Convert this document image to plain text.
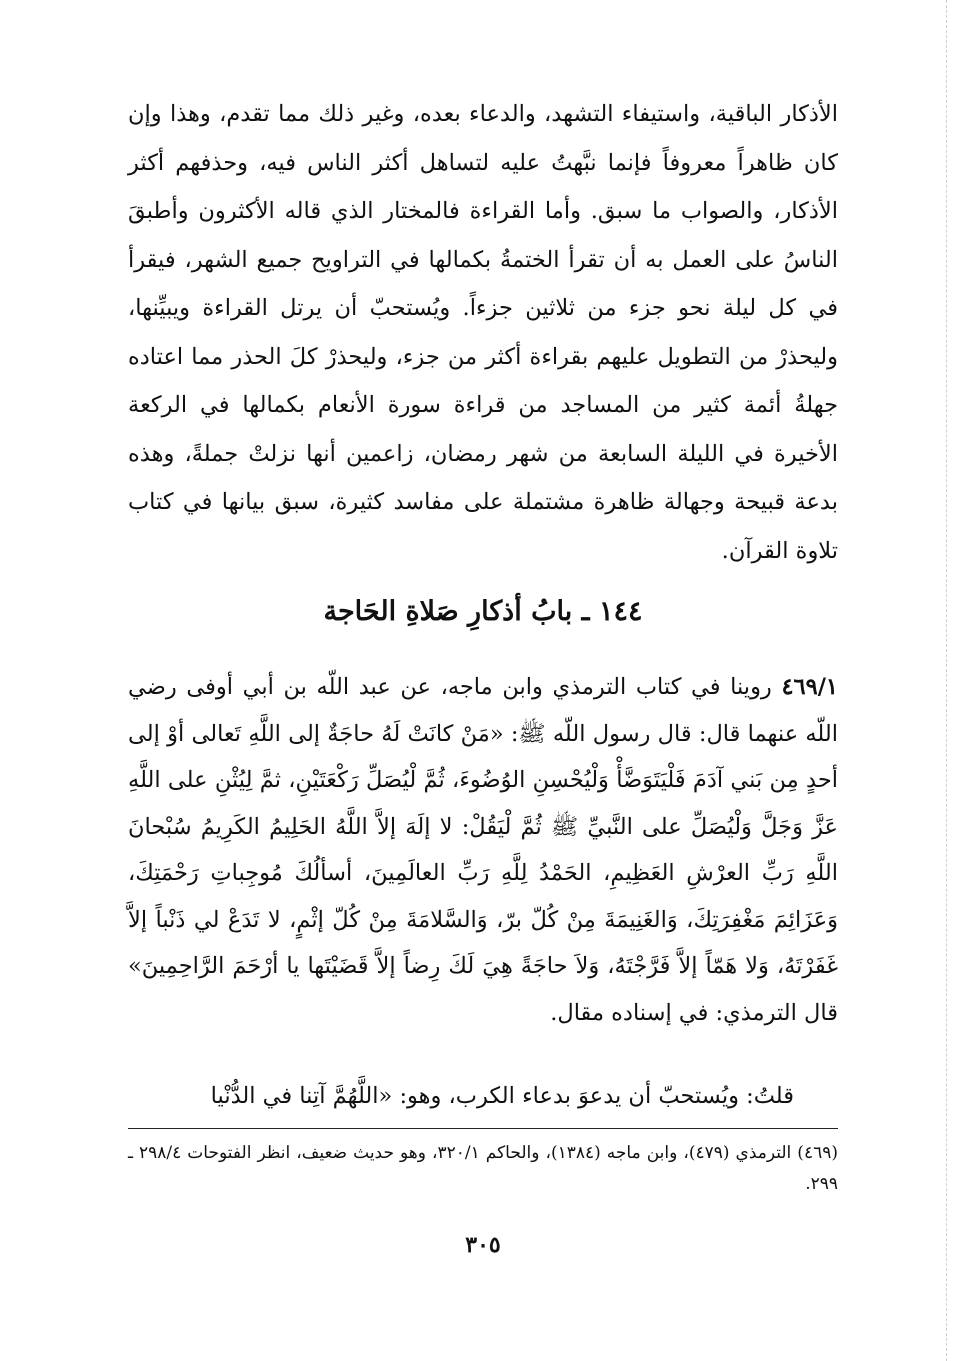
الأذكار الباقية، واستيفاء التشهد، والدعاء بعده، وغير ذلك مما تقدم، وهذا وإن كان ظاهراً معروفاً فإنما نبَّهتُ عليه لتساهل أكثر الناس فيه، وحذفهم أكثر الأذكار، والصواب ما سبق. وأما القراءة فالمختار الذي قاله الأكثرون وأطبقَ الناسُ على العمل به أن تقرأ الختمةُ بكمالها في التراويح جميع الشهر، فيقرأ في كل ليلة نحو جزء من ثلاثين جزءاً. ويُستحبّ أن يرتل القراءة ويبيِّنها، وليحذرْ من التطويل عليهم بقراءة أكثر من جزء، وليحذرْ كلَ الحذر مما اعتاده جهلةُ أئمة كثير من المساجد من قراءة سورة الأنعام بكمالها في الركعة الأخيرة في الليلة السابعة من شهر رمضان، زاعمين أنها نزلتْ جملةً، وهذه بدعة قبيحة وجهالة ظاهرة مشتملة على مفاسد كثيرة، سبق بيانها في كتاب تلاوة القرآن.
١٤٤ ـ بابُ أذكارِ صَلاةِ الحَاجة
٤٦٩/١ روينا في كتاب الترمذي وابن ماجه، عن عبد اللّه بن أبي أوفى رضي اللّه عنهما قال: قال رسول اللّه ﷺ: «مَنْ كانَتْ لَهُ حاجَةٌ إلى اللَّهِ تَعالى أوْ إلى أحدٍ مِن بَني آدَمَ فَلْيَتَوَضَّأْ وَلْيُحْسِنِ الوُضُوءَ، ثُمَّ لْيُصَلِّ رَكْعَتَيْنِ، ثمَّ لِيُثْنِ على اللَّهِ عَزَّ وَجَلَّ وَلْيُصَلِّ على النَّبيِّ ﷺ ثُمَّ لْيَقُلْ: لا إلَهَ إلاَّ اللَّهُ الحَلِيمُ الكَرِيمُ سُبْحانَ اللَّهِ رَبِّ العرْشِ العَظِيمِ، الحَمْدُ لِلَّهِ رَبِّ العالَمِينَ، أسألُكَ مُوجِباتِ رَحْمَتِكَ، وَعَزَائِمَ مَغْفِرَتِكَ، وَالغَنِيمَةَ مِنْ كُلّ برّ، وَالسَّلامَةَ مِنْ كُلّ إثْمٍ، لا تَدَعْ لي ذَنْباً إلاَّ غَفَرْتَهُ، وَلا هَمّاً إلاَّ فَرَّجْتَهُ، وَلاَ حاجَةً هِيَ لَكَ رِضاً إلاَّ قَضَيْتَها يا أرْحَمَ الرَّاحِمِينَ» قال الترمذي: في إسناده مقال.
قلتُ: ويُستحبّ أن يدعوَ بدعاء الكرب، وهو: «اللَّهُمَّ آتِنا في الدُّنْيا
(٤٦٩) الترمذي (٤٧٩)، وابن ماجه (١٣٨٤)، والحاكم ٣٢٠/١، وهو حديث ضعيف، انظر الفتوحات ٢٩٨/٤ ـ ٢٩٩.
٣٠٥
